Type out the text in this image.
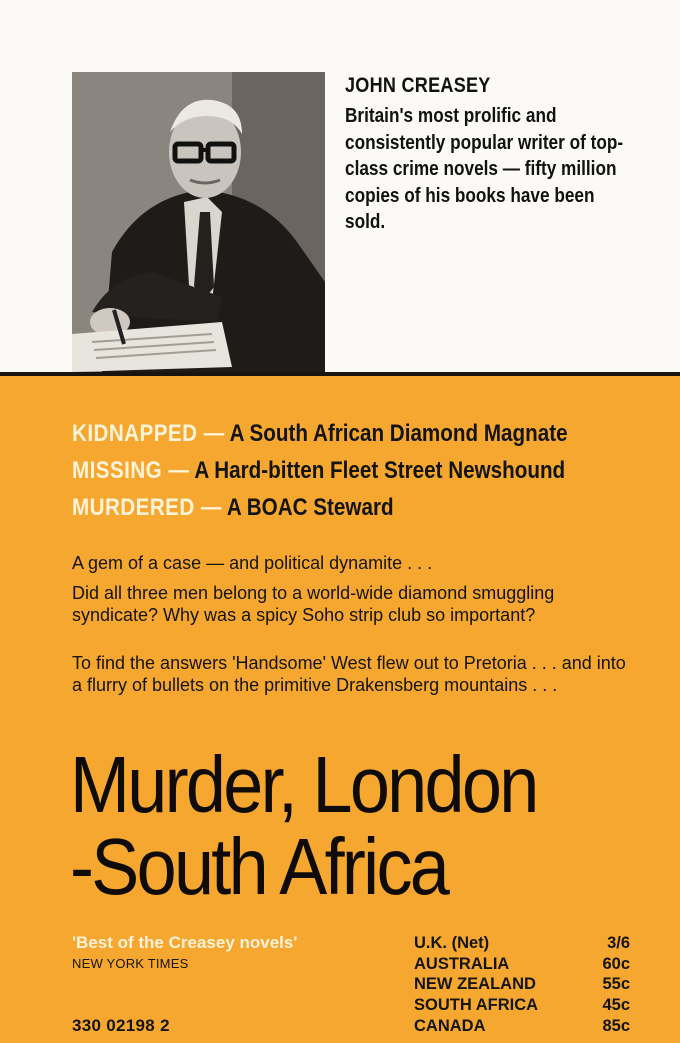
JOHN CREASEY
Britain's most prolific and consistently popular writer of top-class crime novels — fifty million copies of his books have been sold.
KIDNAPPED — A South African Diamond Magnate
MISSING — A Hard-bitten Fleet Street Newshound
MURDERED — A BOAC Steward
A gem of a case — and political dynamite . . .
Did all three men belong to a world-wide diamond smuggling syndicate? Why was a spicy Soho strip club so important?
To find the answers 'Handsome' West flew out to Pretoria . . . and into a flurry of bullets on the primitive Drakensberg mountains . . .
Murder, London
-South Africa
'Best of the Creasey novels'
NEW YORK TIMES
330 02198 2
U.K. (Net)	3/6
AUSTRALIA	60c
NEW ZEALAND	55c
SOUTH AFRICA	45c
CANADA	85c
